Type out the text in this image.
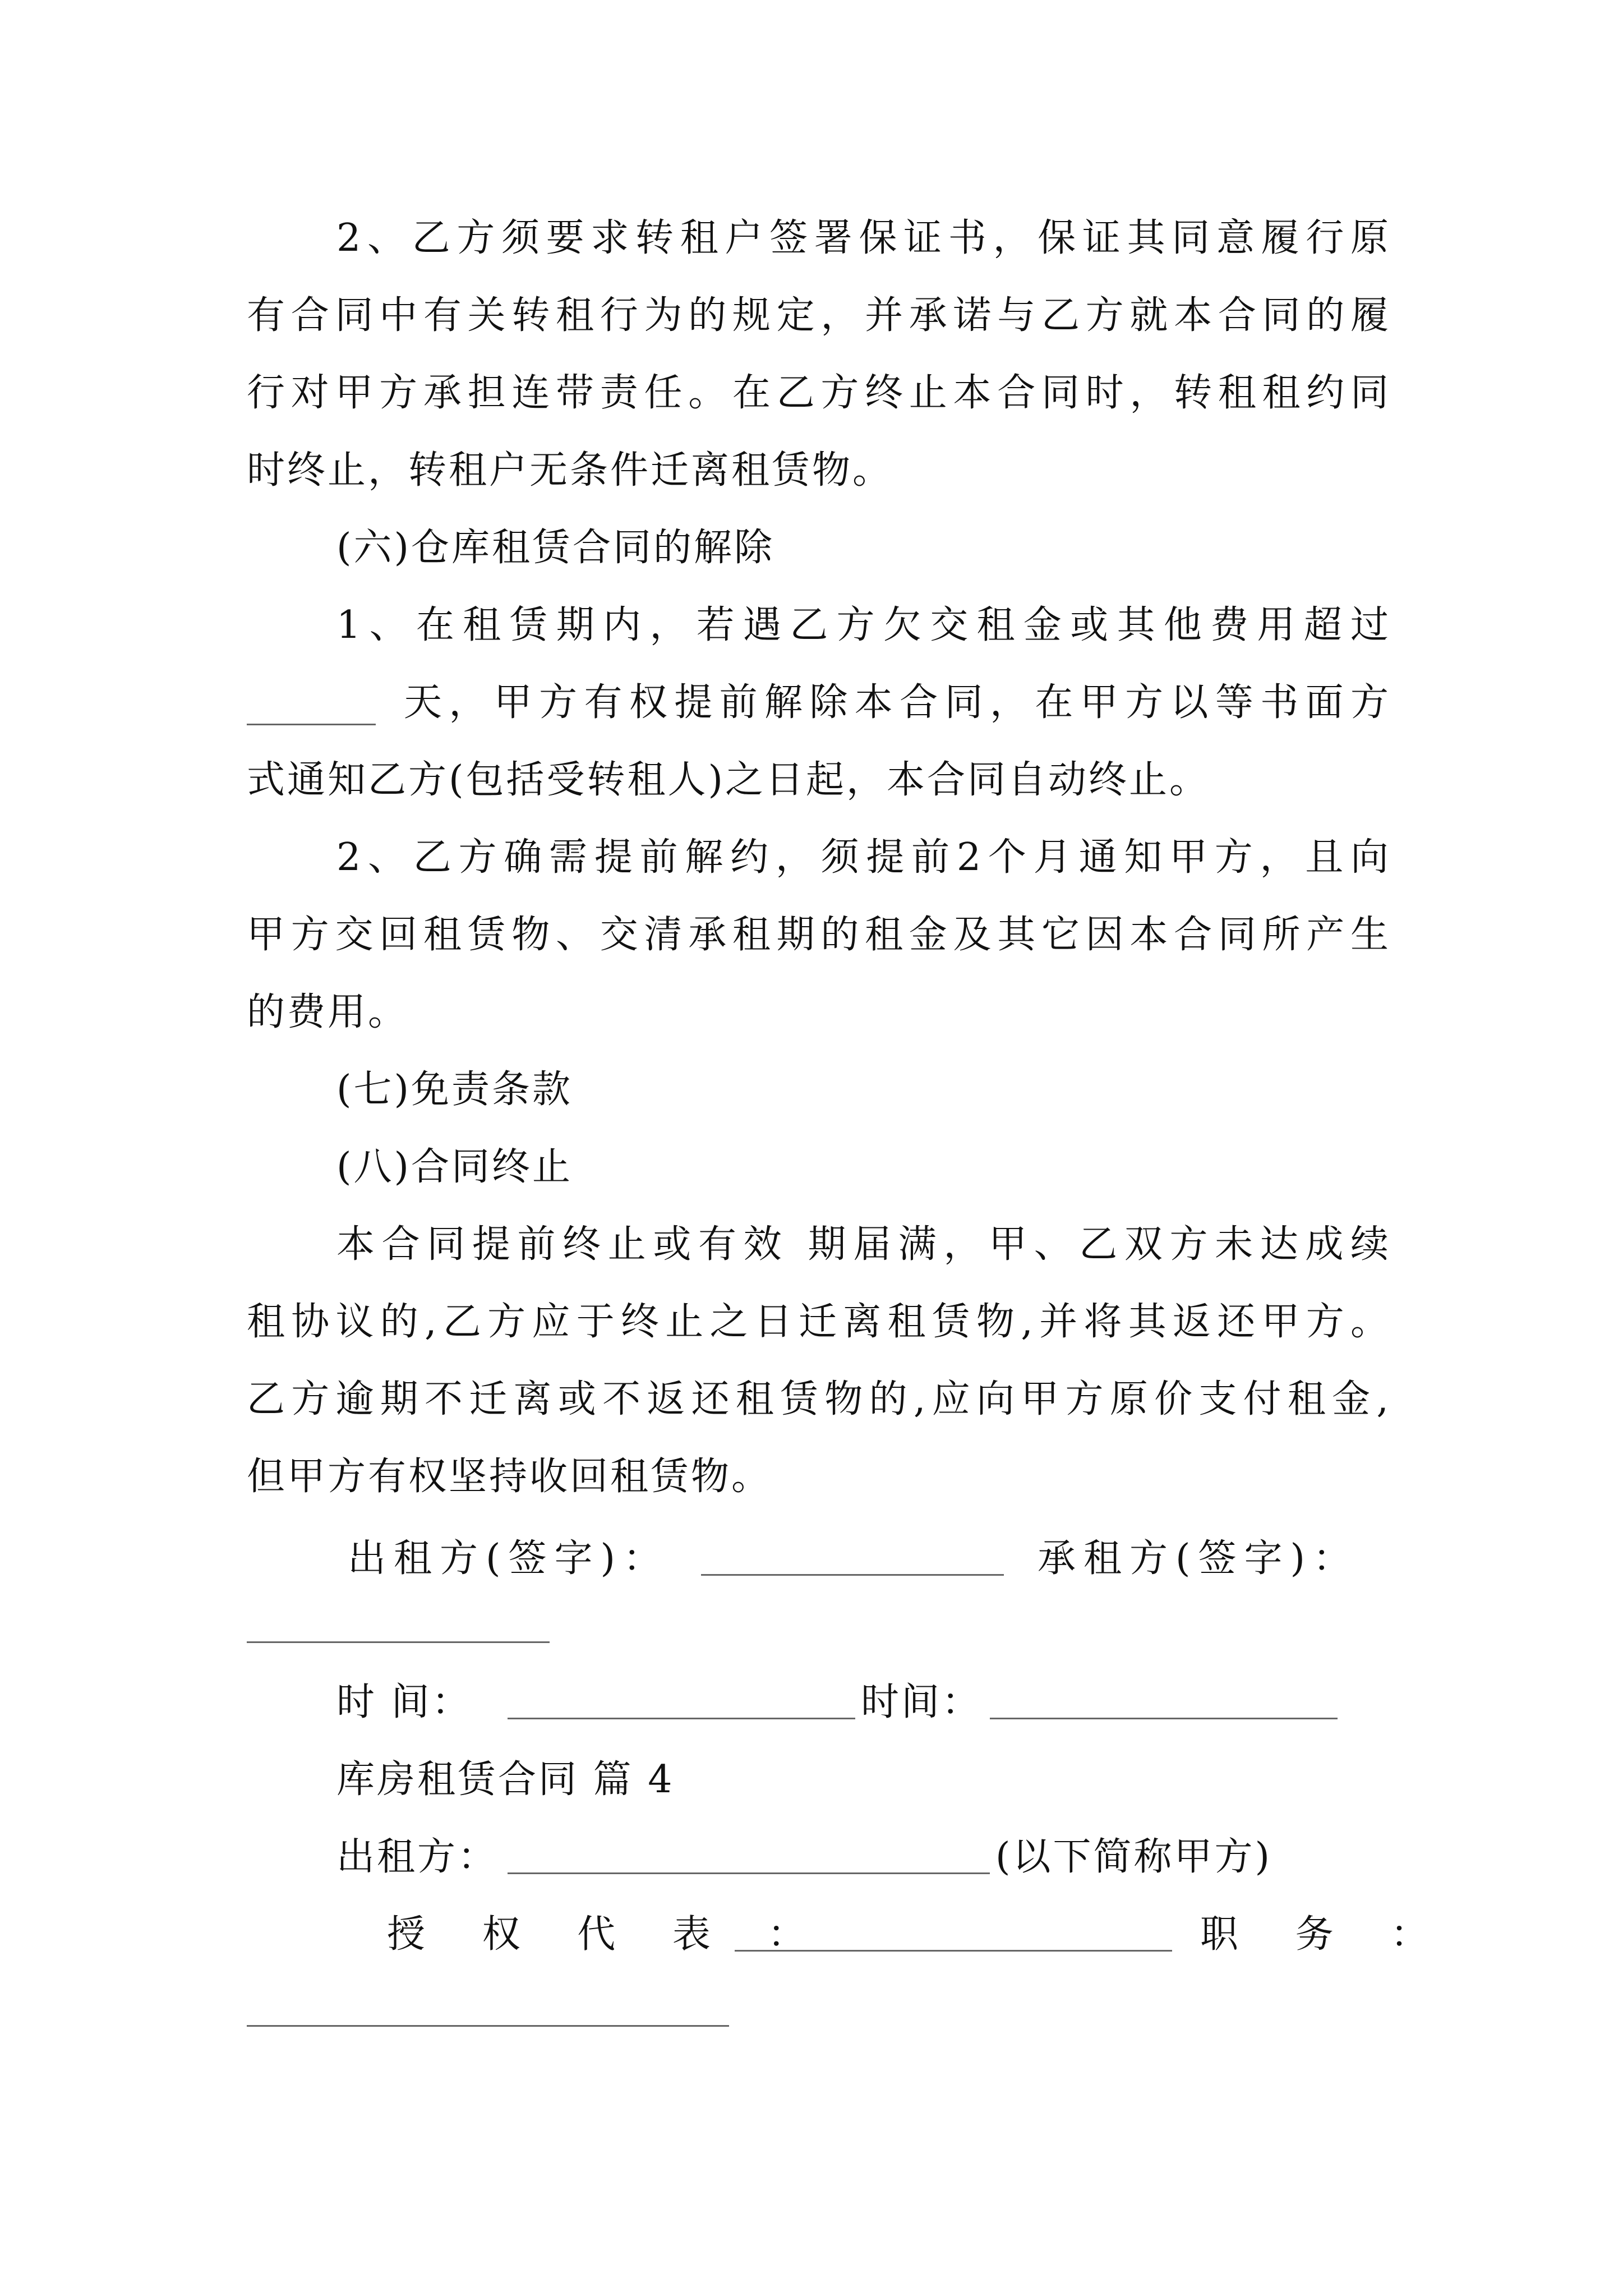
2、乙方须要求转租户签署保证书，保证其同意履行原
有合同中有关转租行为的规定，并承诺与乙方就本合同的履
行对甲方承担连带责任。在乙方终止本合同时，转租租约同
时终止，转租户无条件迁离租赁物。
(六)仓库租赁合同的解除
1、在租赁期内，若遇乙方欠交租金或其他费用超过
天，甲方有权提前解除本合同，在甲方以等书面方
式通知乙方(包括受转租人)之日起，本合同自动终止。
2、乙方确需提前解约，须提前2个月通知甲方，且向
甲方交回租赁物、交清承租期的租金及其它因本合同所产生
的费用。
(七)免责条款
(八)合同终止
本合同提前终止或有效 期届满，甲、乙双方未达成续
租协议的,乙方应于终止之日迁离租赁物,并将其返还甲方。
乙方逾期不迁离或不返还租赁物的,应向甲方原价支付租金,
但甲方有权坚持收回租赁物。
出租方(签字)：	承租方(签字)：
时 间：	时间：
库房租赁合同 篇 4
出租方：	(以下简称甲方)
授 权 代 表 ：	职 务 ：
